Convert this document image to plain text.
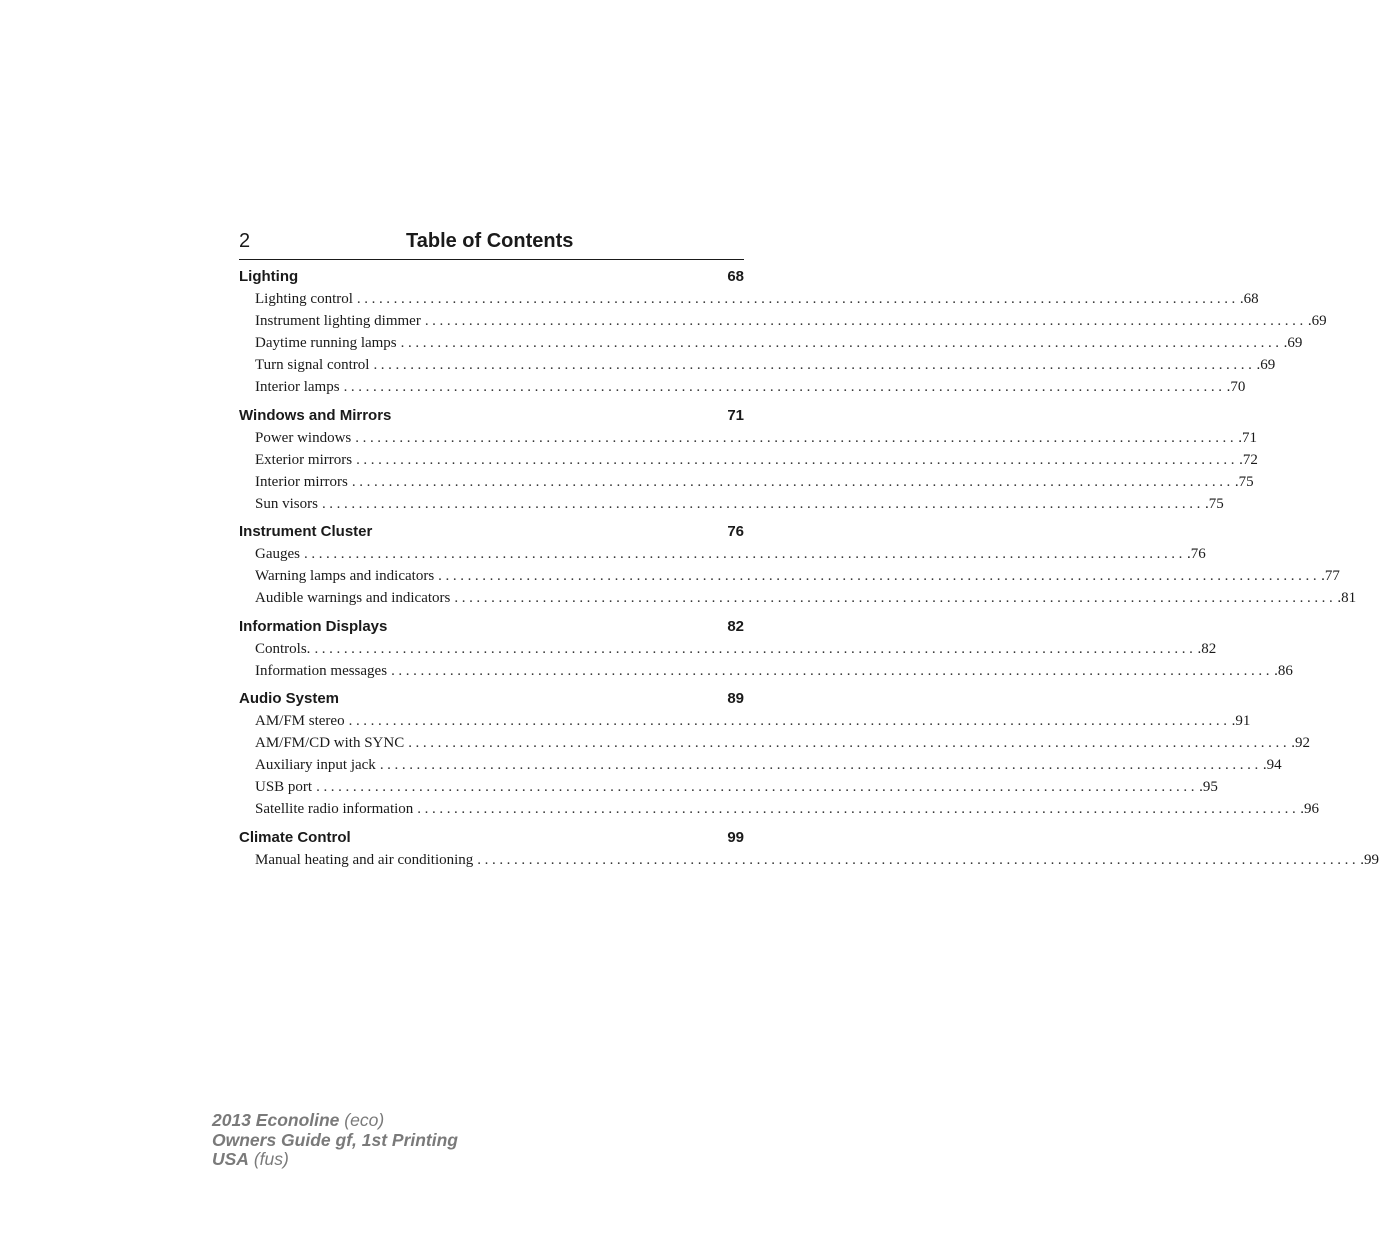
2	Table of Contents
Lighting	68
Lighting control ........................................................................................................................ .68
Instrument lighting dimmer ........................................................................................................................ .69
Daytime running lamps ........................................................................................................................ .69
Turn signal control ........................................................................................................................ .69
Interior lamps ........................................................................................................................ .70
Windows and Mirrors	71
Power windows ........................................................................................................................ .71
Exterior mirrors ........................................................................................................................ .72
Interior mirrors ........................................................................................................................ .75
Sun visors ........................................................................................................................ .75
Instrument Cluster	76
Gauges ........................................................................................................................ .76
Warning lamps and indicators ........................................................................................................................ .77
Audible warnings and indicators ........................................................................................................................ .81
Information Displays	82
Controls. ........................................................................................................................ .82
Information messages ........................................................................................................................ .86
Audio System	89
AM/FM stereo ........................................................................................................................ .91
AM/FM/CD with SYNC ........................................................................................................................ .92
Auxiliary input jack ........................................................................................................................ .94
USB port ........................................................................................................................ .95
Satellite radio information ........................................................................................................................ .96
Climate Control	99
Manual heating and air conditioning ........................................................................................................................ .99
2013 Econoline (eco)
Owners Guide gf, 1st Printing
USA (fus)
